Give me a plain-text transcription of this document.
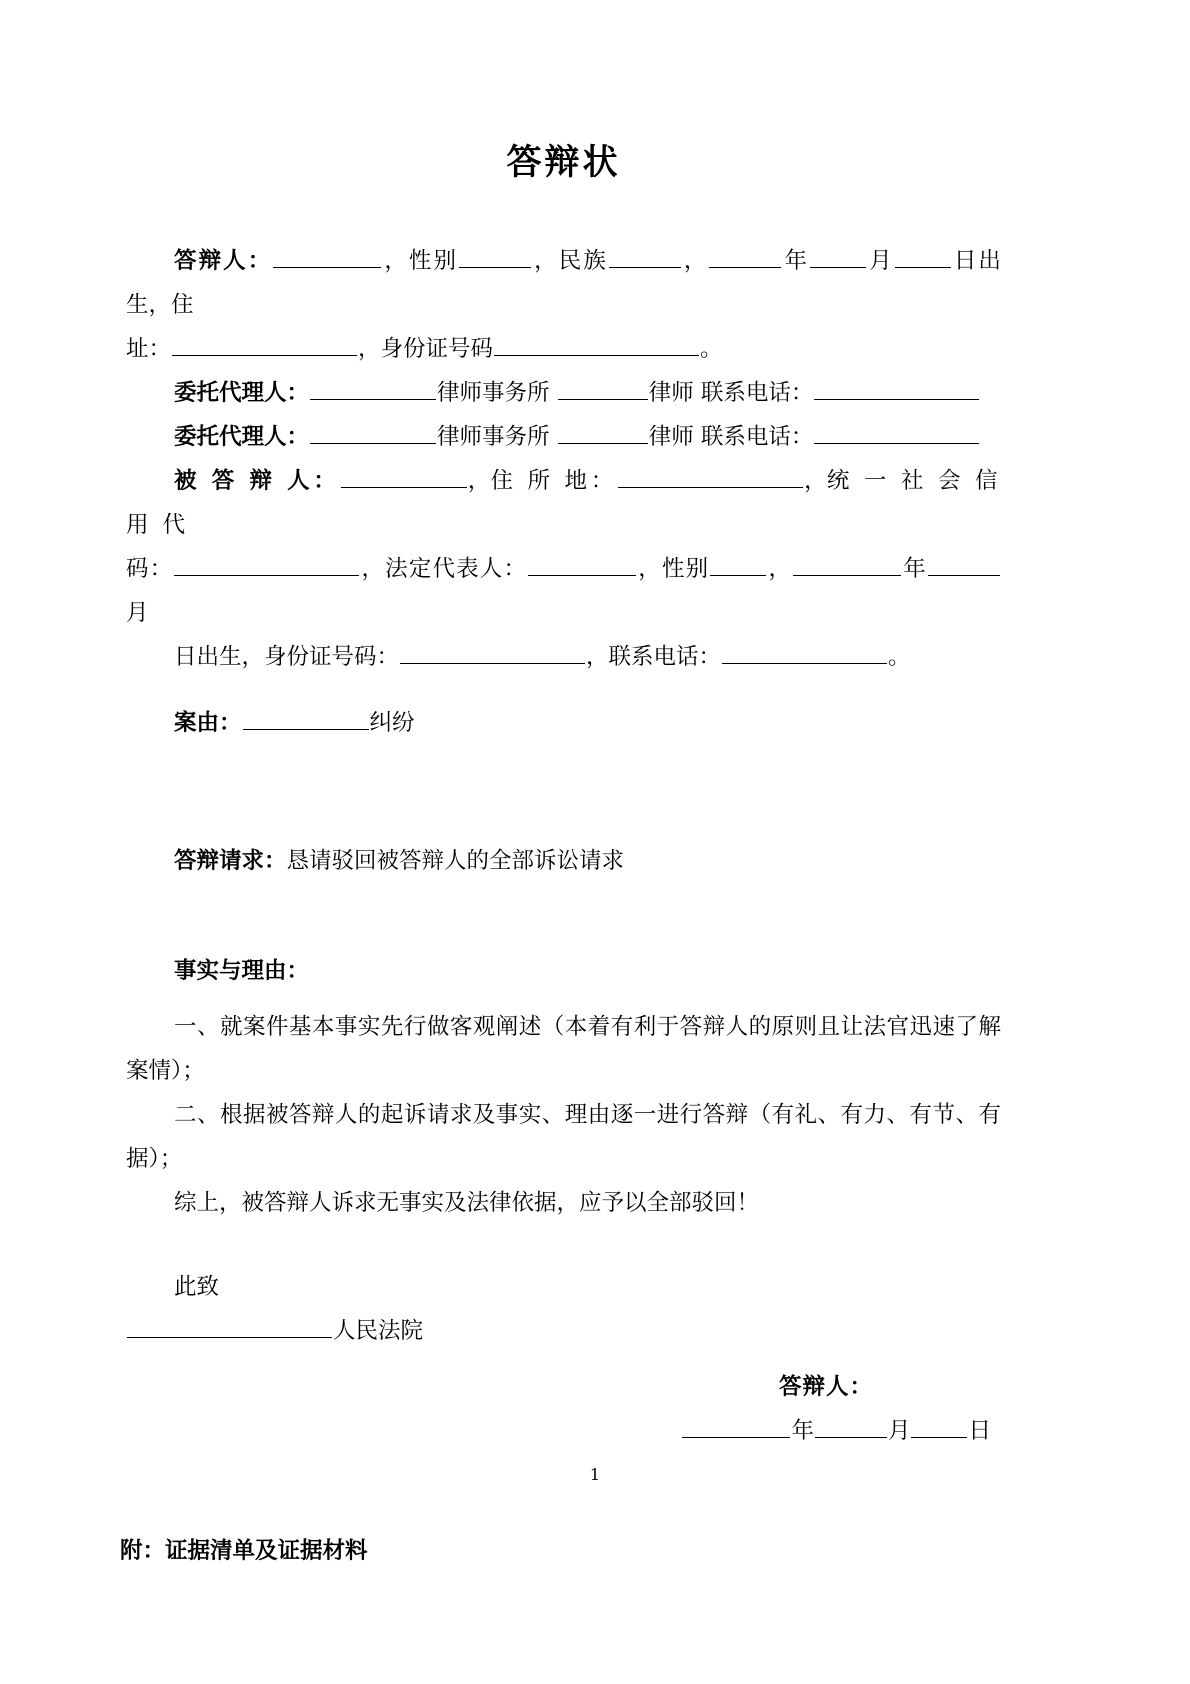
答辩状

答辩人：	，性别	，民族	，	年	月	日出生，住

址：	，身份证号码	。

委托代理人：	律师事务所	律师 联系电话：

委托代理人：	律师事务所	律师 联系电话：

被 答 辩 人：	，住 所 地：	，统 一 社 会 信 用 代

码：	，法定代表人：	，性别	，	年月

日出生，身份证号码：	，联系电话：	。

案由：	纠纷

答辩请求：恳请驳回被答辩人的全部诉讼请求

事实与理由：

一、就案件基本事实先行做客观阐述（本着有利于答辩人的原则且让法官迅速了解案情）；

二、根据被答辩人的起诉请求及事实、理由逐一进行答辩（有礼、有力、有节、有据）；

综上，被答辩人诉求无事实及法律依据，应予以全部驳回！

此致

人民法院

答辩人：
年	月	日

附：证据清单及证据材料

1
